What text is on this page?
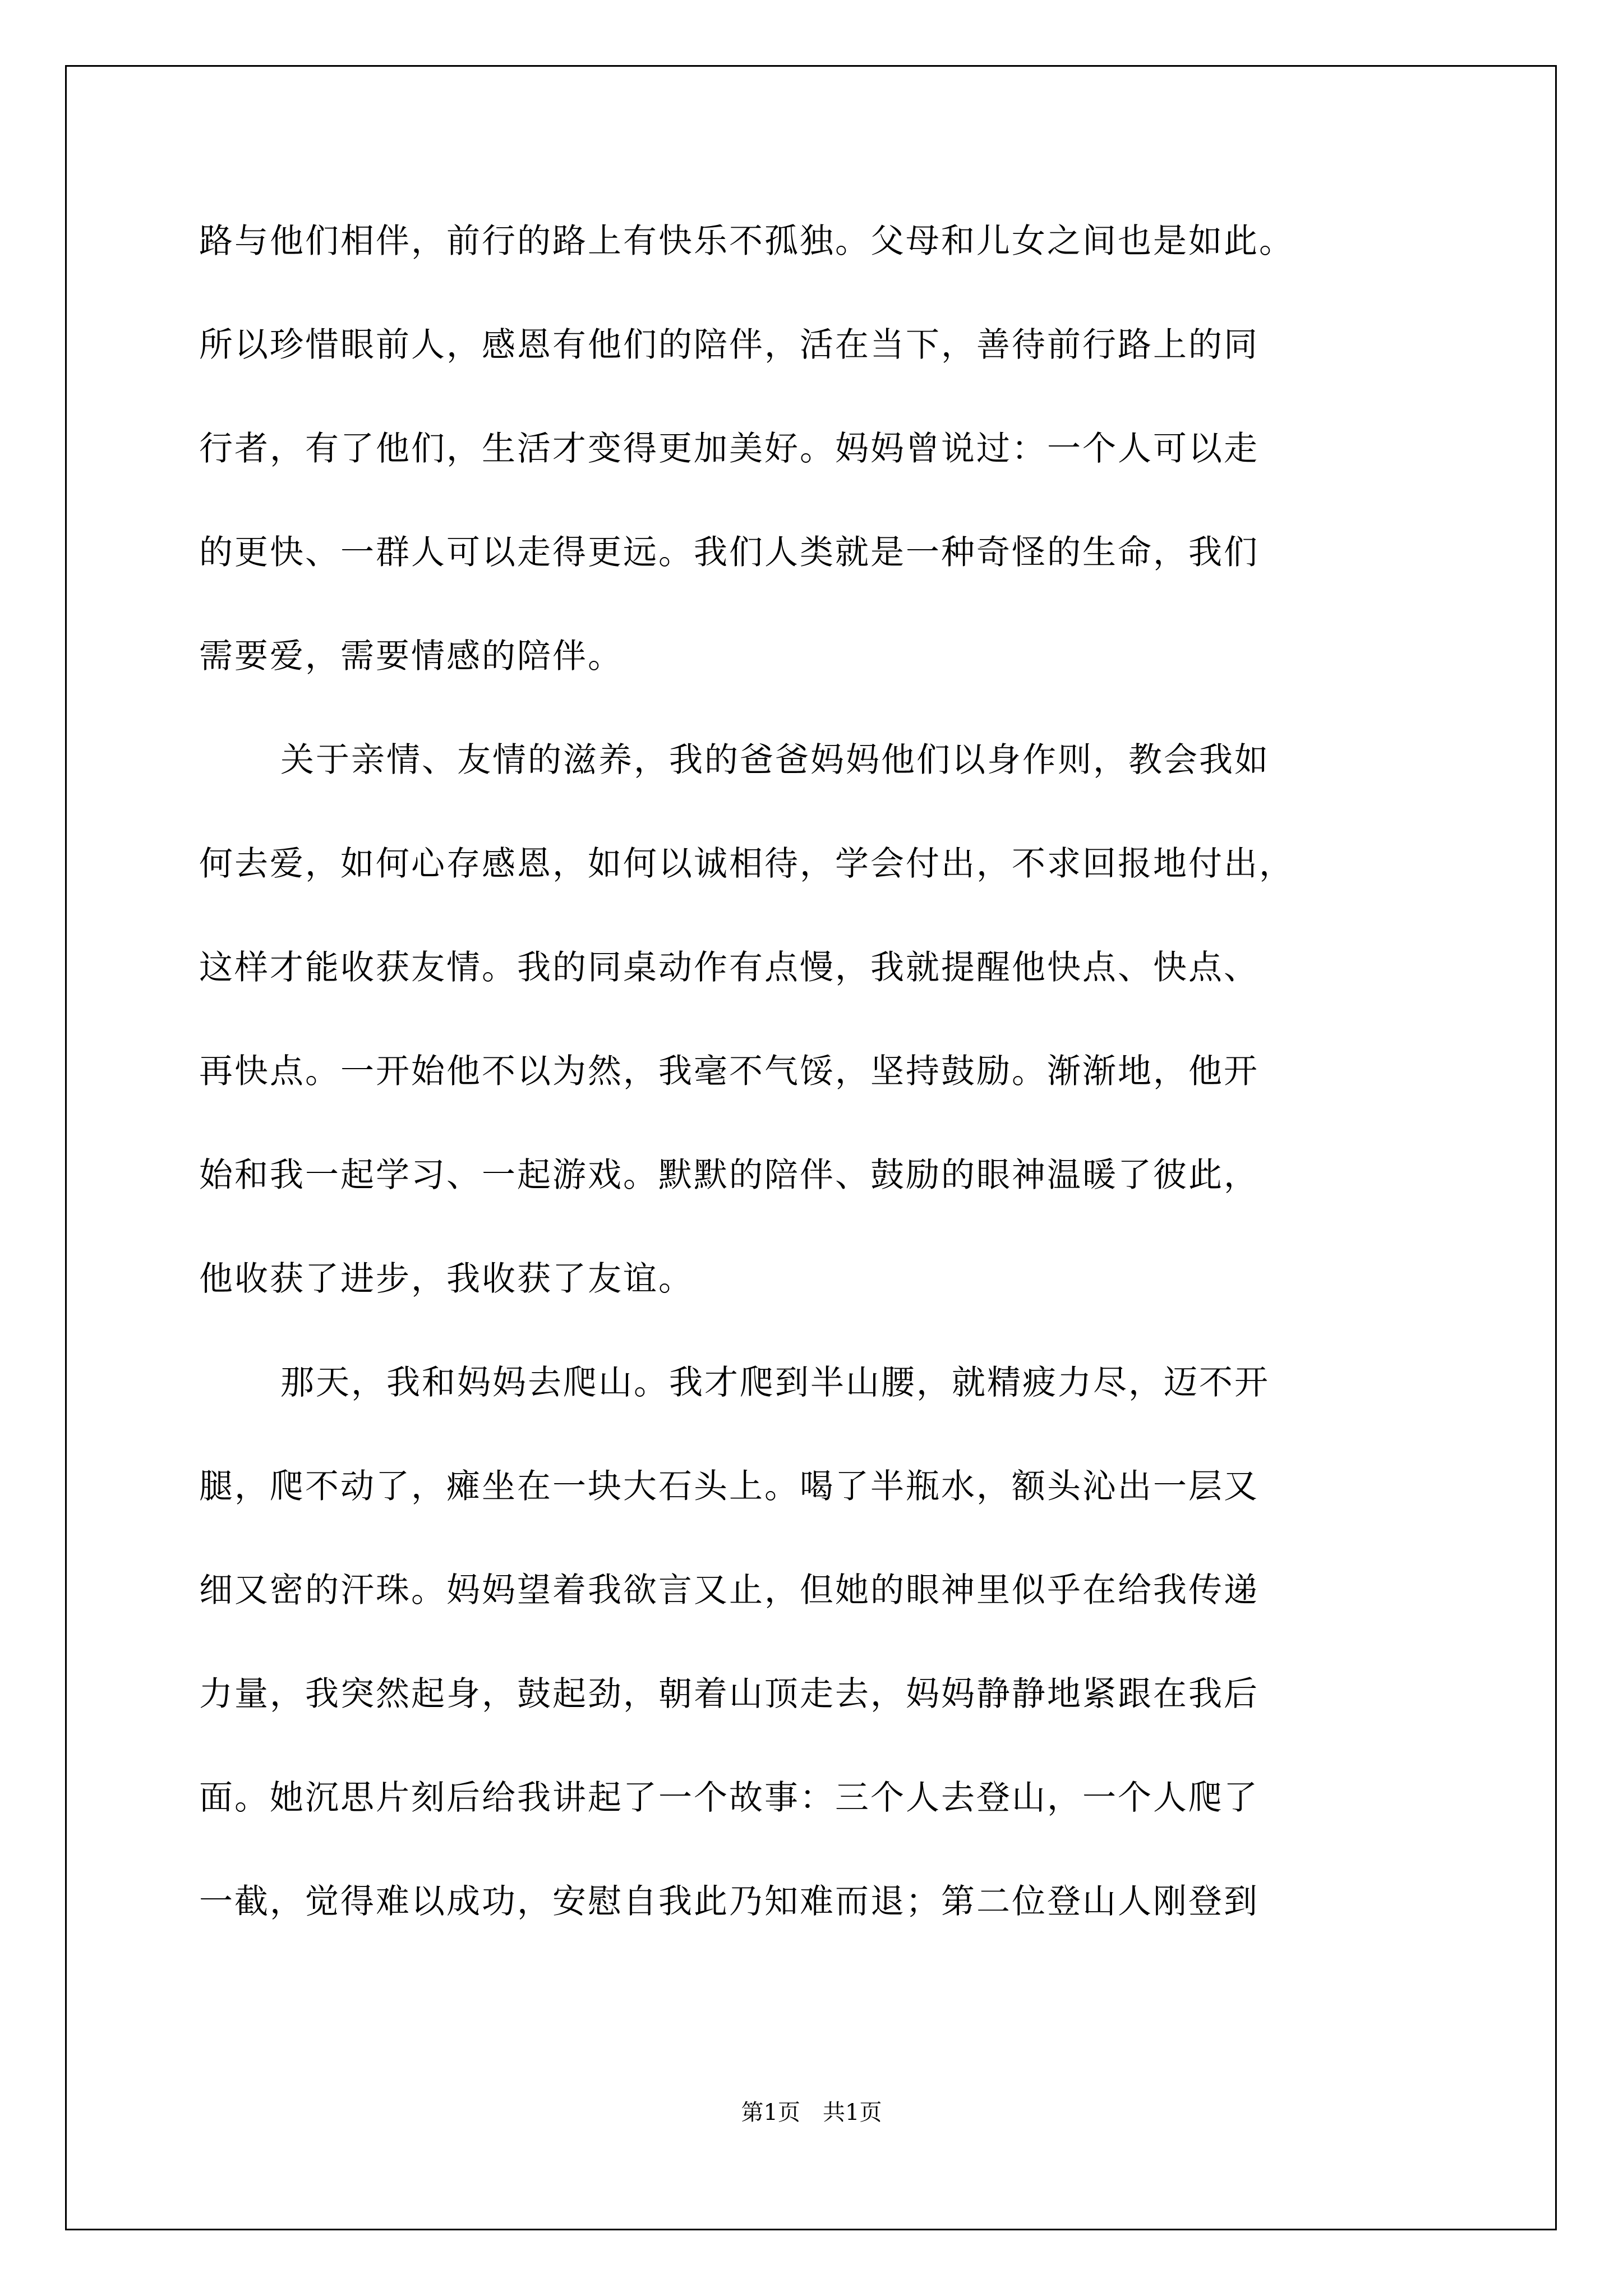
路与他们相伴，前行的路上有快乐不孤独。父母和儿女之间也是如此。
所以珍惜眼前人，感恩有他们的陪伴，活在当下，善待前行路上的同
行者，有了他们，生活才变得更加美好。妈妈曾说过：一个人可以走
的更快、一群人可以走得更远。我们人类就是一种奇怪的生命，我们
需要爱，需要情感的陪伴。
关于亲情、友情的滋养，我的爸爸妈妈他们以身作则，教会我如
何去爱，如何心存感恩，如何以诚相待，学会付出，不求回报地付出，
这样才能收获友情。我的同桌动作有点慢，我就提醒他快点、快点、
再快点。一开始他不以为然，我毫不气馁，坚持鼓励。渐渐地，他开
始和我一起学习、一起游戏。默默的陪伴、鼓励的眼神温暖了彼此，
他收获了进步，我收获了友谊。
那天，我和妈妈去爬山。我才爬到半山腰，就精疲力尽，迈不开
腿，爬不动了，瘫坐在一块大石头上。喝了半瓶水，额头沁出一层又
细又密的汗珠。妈妈望着我欲言又止，但她的眼神里似乎在给我传递
力量，我突然起身，鼓起劲，朝着山顶走去，妈妈静静地紧跟在我后
面。她沉思片刻后给我讲起了一个故事：三个人去登山，一个人爬了
一截，觉得难以成功，安慰自我此乃知难而退；第二位登山人刚登到
第1页　共1页
